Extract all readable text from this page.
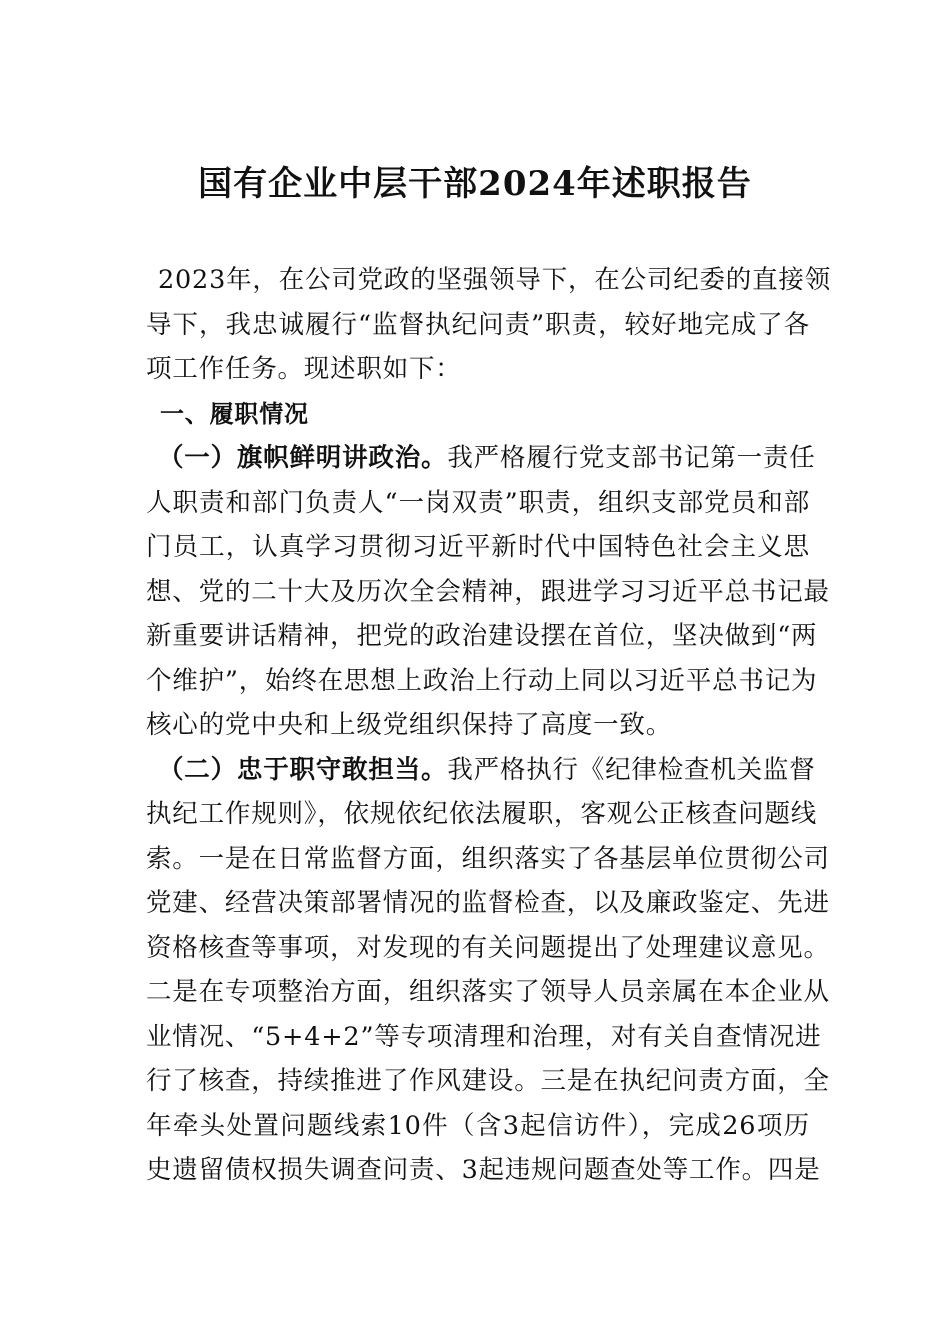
国有企业中层干部2024年述职报告
2023年，在公司党政的坚强领导下，在公司纪委的直接领
导下，我忠诚履行“监督执纪问责”职责，较好地完成了各
项工作任务。现述职如下：
一、履职情况
（一）旗帜鲜明讲政治。我严格履行党支部书记第一责任
人职责和部门负责人“一岗双责”职责，组织支部党员和部
门员工，认真学习贯彻习近平新时代中国特色社会主义思
想、党的二十大及历次全会精神，跟进学习习近平总书记最
新重要讲话精神，把党的政治建设摆在首位，坚决做到“两
个维护”，始终在思想上政治上行动上同以习近平总书记为
核心的党中央和上级党组织保持了高度一致。
（二）忠于职守敢担当。我严格执行《纪律检查机关监督
执纪工作规则》，依规依纪依法履职，客观公正核查问题线
索。一是在日常监督方面，组织落实了各基层单位贯彻公司
党建、经营决策部署情况的监督检查，以及廉政鉴定、先进
资格核查等事项，对发现的有关问题提出了处理建议意见。
二是在专项整治方面，组织落实了领导人员亲属在本企业从
业情况、“5+4+2”等专项清理和治理，对有关自查情况进
行了核查，持续推进了作风建设。三是在执纪问责方面，全
年牵头处置问题线索10件（含3起信访件），完成26项历
史遗留债权损失调查问责、3起违规问题查处等工作。四是
